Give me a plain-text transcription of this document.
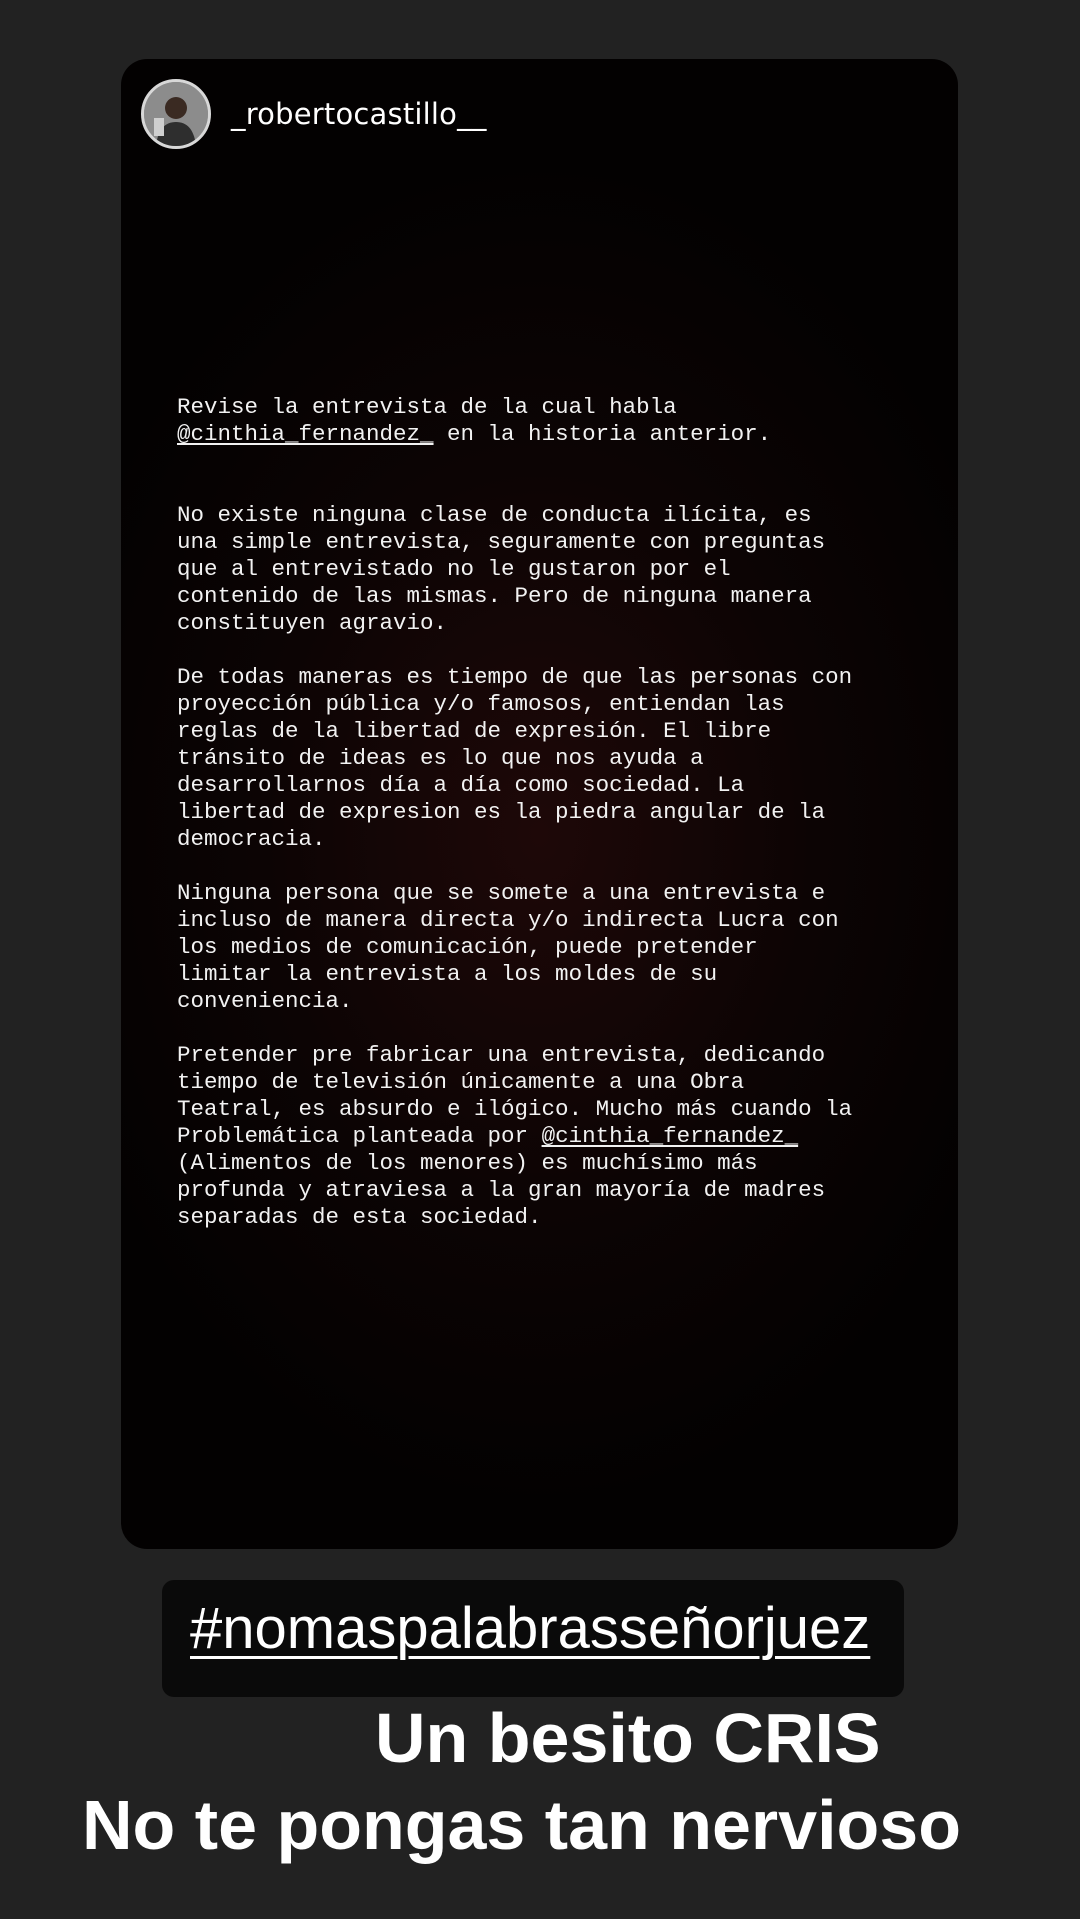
_robertocastillo__

Revise la entrevista de la cual habla
@cinthia_fernandez_ en la historia anterior.

No existe ninguna clase de conducta ilícita, es
una simple entrevista, seguramente con preguntas
que al entrevistado no le gustaron por el
contenido de las mismas. Pero de ninguna manera
constituyen agravio.

De todas maneras es tiempo de que las personas con
proyección pública y/o famosos, entiendan las
reglas de la libertad de expresión. El libre
tránsito de ideas es lo que nos ayuda a
desarrollarnos día a día como sociedad. La
libertad de expresion es la piedra angular de la
democracia.

Ninguna persona que se somete a una entrevista e
incluso de manera directa y/o indirecta Lucra con
los medios de comunicación, puede pretender
limitar la entrevista a los moldes de su
conveniencia.

Pretender pre fabricar una entrevista, dedicando
tiempo de televisión únicamente a una Obra
Teatral, es absurdo e ilógico. Mucho más cuando la
Problemática planteada por @cinthia_fernandez_
(Alimentos de los menores) es muchísimo más
profunda y atraviesa a la gran mayoría de madres
separadas de esta sociedad.

#nomaspalabrasseñorjuez
Un besito CRIS
No te pongas tan nervioso
